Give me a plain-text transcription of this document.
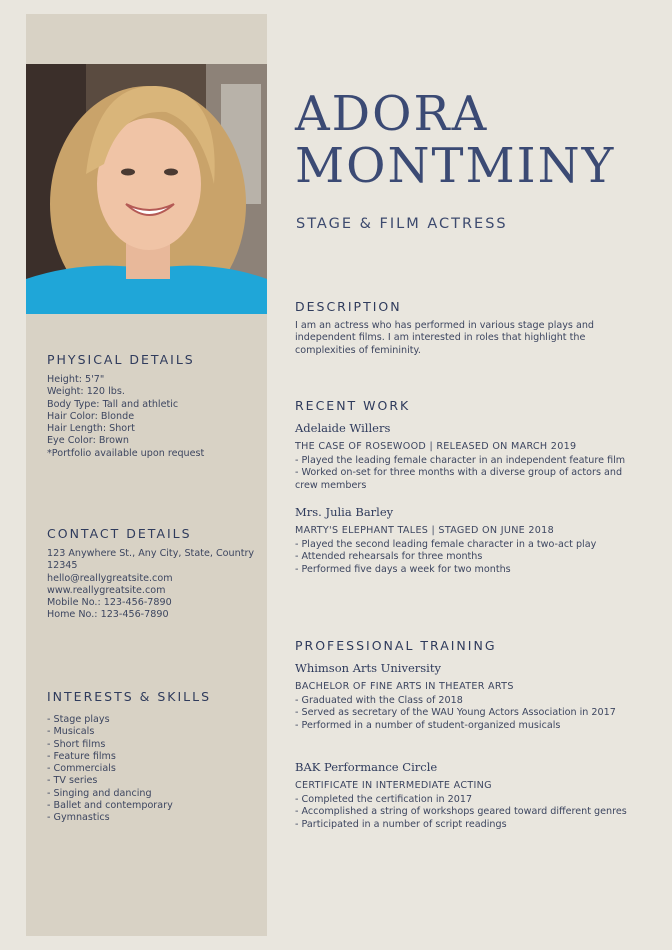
PHYSICAL DETAILS
Height: 5'7"
Weight: 120 lbs.
Body Type: Tall and athletic
Hair Color: Blonde
Hair Length: Short
Eye Color: Brown
*Portfolio available upon request
CONTACT DETAILS
123 Anywhere St., Any City, State, Country
12345
hello@reallygreatsite.com
www.reallygreatsite.com
Mobile No.: 123-456-7890
Home No.: 123-456-7890
INTERESTS & SKILLS
- Stage plays
- Musicals
- Short films
- Feature films
- Commercials
- TV series
- Singing and dancing
- Ballet and contemporary
- Gymnastics
ADORA
MONTMINY
STAGE & FILM ACTRESS
DESCRIPTION
I am an actress who has performed in various stage plays and independent films. I am interested in roles that highlight the complexities of femininity.
RECENT WORK
Adelaide Willers
THE CASE OF ROSEWOOD | RELEASED ON MARCH 2019
- Played the leading female character in an independent feature film
- Worked on-set for three months with a diverse group of actors and crew members
Mrs. Julia Barley
MARTY'S ELEPHANT TALES | STAGED ON JUNE 2018
- Played the second leading female character in a two-act play
- Attended rehearsals for three months
- Performed five days a week for two months
PROFESSIONAL TRAINING
Whimson Arts University
BACHELOR OF FINE ARTS IN THEATER ARTS
- Graduated with the Class of 2018
- Served as secretary of the WAU Young Actors Association in 2017
- Performed in a number of student-organized musicals
BAK Performance Circle
CERTIFICATE IN INTERMEDIATE ACTING
- Completed the certification in 2017
- Accomplished a string of workshops geared toward different genres
- Participated in a number of script readings
